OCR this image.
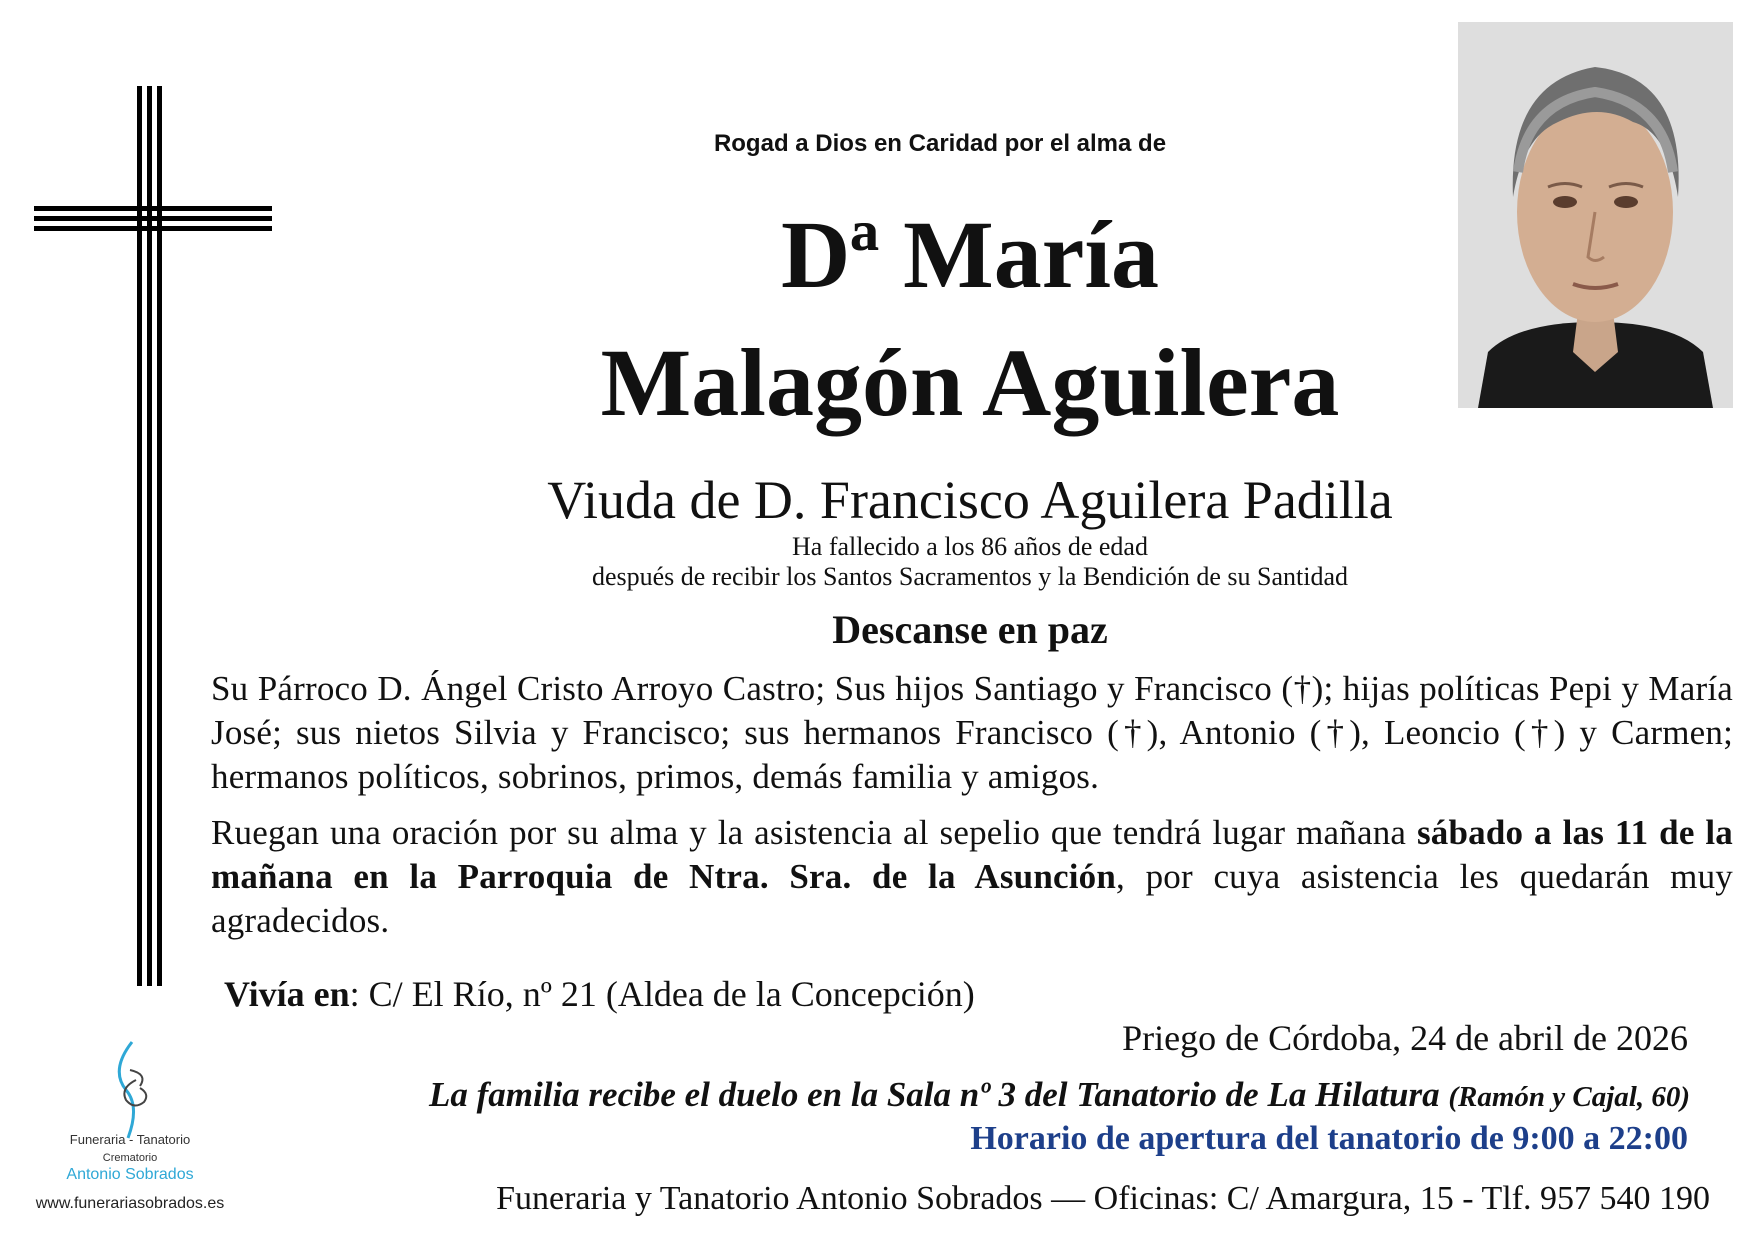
Rogad a Dios en Caridad por el alma de
Dª María
Malagón Aguilera
Viuda de D. Francisco Aguilera Padilla
Ha fallecido a los 86 años de edad
después de recibir los Santos Sacramentos y la Bendición de su Santidad
Descanse en paz
Su Párroco D. Ángel Cristo Arroyo Castro; Sus hijos Santiago y Francisco (†); hijas políticas Pepi y María José; sus nietos Silvia y Francisco; sus hermanos Francisco (†), Antonio (†), Leoncio (†) y Carmen; hermanos políticos, sobrinos, primos, demás familia y amigos.
Ruegan una oración por su alma y la asistencia al sepelio que tendrá lugar mañana sábado a las 11 de la mañana en la Parroquia de Ntra. Sra. de la Asunción, por cuya asistencia les quedarán muy agradecidos.
Vivía en: C/ El Río, nº 21 (Aldea de la Concepción)
Priego de Córdoba, 24 de abril de 2026
La familia recibe el duelo en la Sala nº 3 del Tanatorio de La Hilatura (Ramón y Cajal, 60)
Horario de apertura del tanatorio de 9:00 a 22:00
Funeraria y Tanatorio Antonio Sobrados — Oficinas: C/ Amargura, 15 - Tlf. 957 540 190
Funeraria - Tanatorio
Crematorio
Antonio Sobrados
www.funerariasobrados.es
